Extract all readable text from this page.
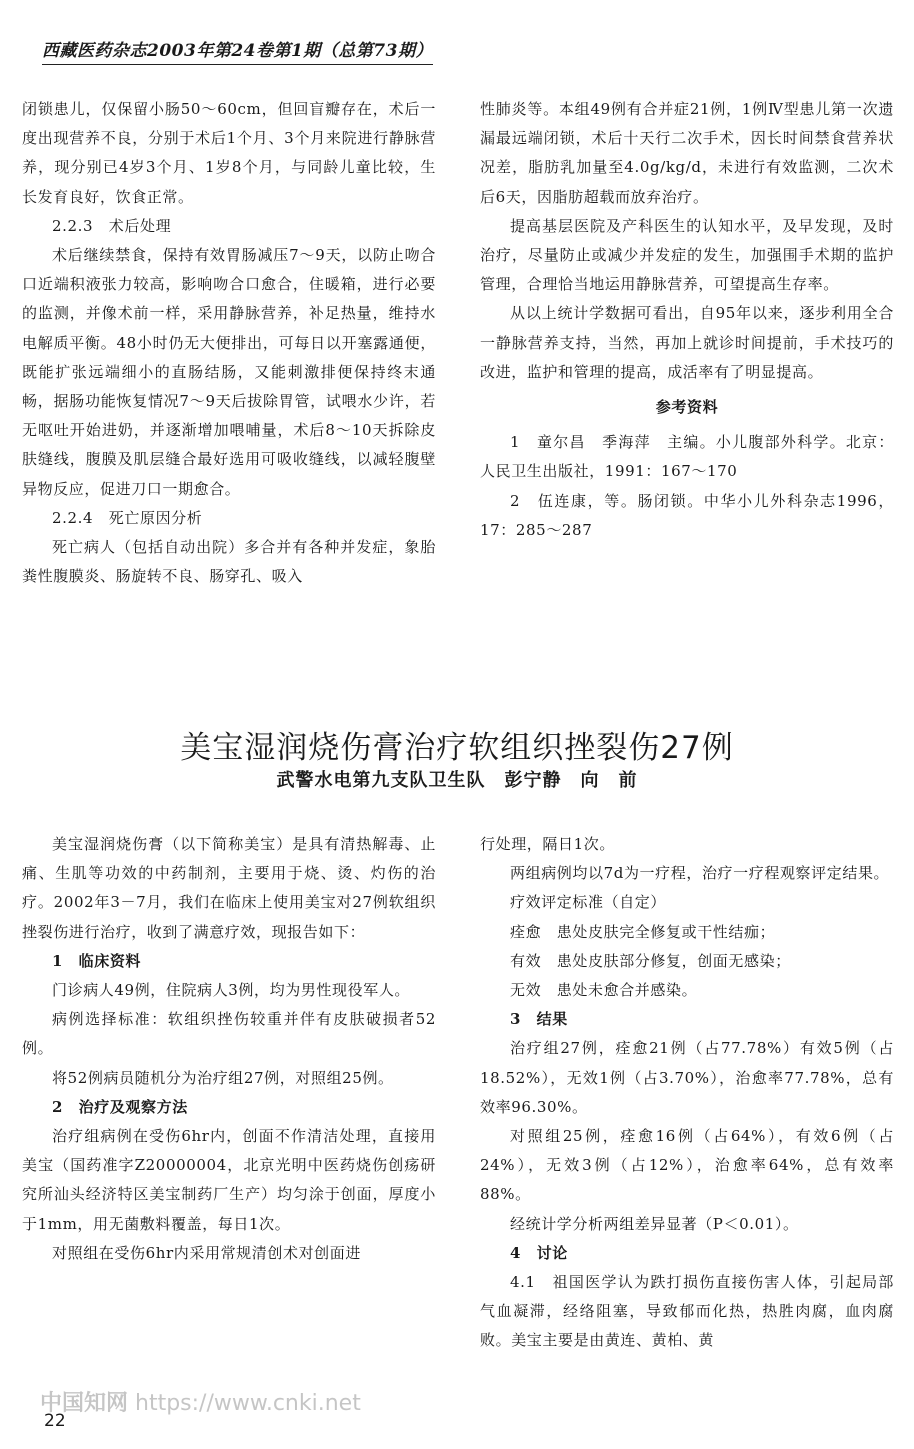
西藏医药杂志2003年第24卷第1期（总第73期）

闭锁患儿，仅保留小肠50～60cm，但回盲瓣存在，术后一度出现营养不良，分别于术后1个月、3个月来院进行静脉营养，现分别已4岁3个月、1岁8个月，与同龄儿童比较，生长发育良好，饮食正常。

2.2.3　术后处理

术后继续禁食，保持有效胃肠减压7～9天，以防止吻合口近端积液张力较高，影响吻合口愈合，住暖箱，进行必要的监测，并像术前一样，采用静脉营养，补足热量，维持水电解质平衡。48小时仍无大便排出，可每日以开塞露通便，既能扩张远端细小的直肠结肠，又能刺激排便保持终末通畅，据肠功能恢复情况7～9天后拔除胃管，试喂水少许，若无呕吐开始进奶，并逐渐增加喂哺量，术后8～10天拆除皮肤缝线，腹膜及肌层缝合最好选用可吸收缝线，以减轻腹壁异物反应，促进刀口一期愈合。

2.2.4　死亡原因分析

死亡病人（包括自动出院）多合并有各种并发症，象胎粪性腹膜炎、肠旋转不良、肠穿孔、吸入

性肺炎等。本组49例有合并症21例，1例Ⅳ型患儿第一次遗漏最远端闭锁，术后十天行二次手术，因长时间禁食营养状况差，脂肪乳加量至4.0g/kg/d，未进行有效监测，二次术后6天，因脂肪超载而放弃治疗。

提高基层医院及产科医生的认知水平，及早发现，及时治疗，尽量防止或减少并发症的发生，加强围手术期的监护管理，合理恰当地运用静脉营养，可望提高生存率。

从以上统计学数据可看出，自95年以来，逐步利用全合一静脉营养支持，当然，再加上就诊时间提前，手术技巧的改进，监护和管理的提高，成活率有了明显提高。

参考资料

1　童尔昌　季海萍　主编。小儿腹部外科学。北京：人民卫生出版社，1991：167～170

2　伍连康，等。肠闭锁。中华小儿外科杂志1996，17：285～287

美宝湿润烧伤膏治疗软组织挫裂伤27例
武警水电第九支队卫生队　彭宁静　向　前

美宝湿润烧伤膏（以下简称美宝）是具有清热解毒、止痛、生肌等功效的中药制剂，主要用于烧、烫、灼伤的治疗。2002年3－7月，我们在临床上使用美宝对27例软组织挫裂伤进行治疗，收到了满意疗效，现报告如下：

1　临床资料

门诊病人49例，住院病人3例，均为男性现役军人。

病例选择标准：软组织挫伤较重并伴有皮肤破损者52例。

将52例病员随机分为治疗组27例，对照组25例。

2　治疗及观察方法

治疗组病例在受伤6hr内，创面不作清洁处理，直接用美宝（国药准字Z20000004，北京光明中医药烧伤创疡研究所汕头经济特区美宝制药厂生产）均匀涂于创面，厚度小于1mm，用无菌敷料覆盖，每日1次。

对照组在受伤6hr内采用常规清创术对创面进

行处理，隔日1次。

两组病例均以7d为一疗程，治疗一疗程观察评定结果。

疗效评定标准（自定）

痊愈　患处皮肤完全修复或干性结痂；

有效　患处皮肤部分修复，创面无感染；

无效　患处未愈合并感染。

3　结果

治疗组27例，痊愈21例（占77.78%）有效5例（占18.52%），无效1例（占3.70%），治愈率77.78%，总有效率96.30%。

对照组25例，痊愈16例（占64%），有效6例（占24%），无效3例（占12%），治愈率64%，总有效率88%。

经统计学分析两组差异显著（P＜0.01）。

4　讨论

4.1　祖国医学认为跌打损伤直接伤害人体，引起局部气血凝滞，经络阻塞，导致郁而化热，热胜肉腐，血肉腐败。美宝主要是由黄连、黄柏、黄

中国知网 https://www.cnki.net
22
